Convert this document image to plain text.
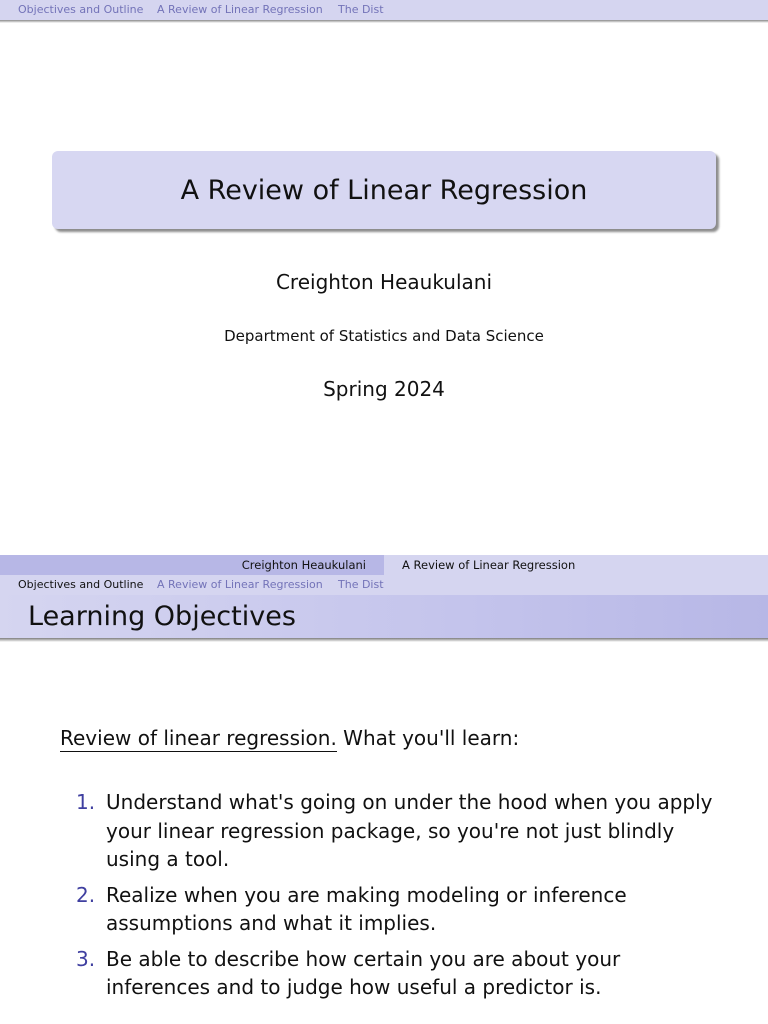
Objectives and Outline A Review of Linear Regression The Dist
A Review of Linear Regression
Creighton Heaukulani
Department of Statistics and Data Science
Spring 2024
Creighton Heaukulani	A Review of Linear Regression
Objectives and Outline A Review of Linear Regression The Dist
Learning Objectives
Review of linear regression. What you'll learn:
1. Understand what's going on under the hood when you apply your linear regression package, so you're not just blindly using a tool.
2. Realize when you are making modeling or inference assumptions and what it implies.
3. Be able to describe how certain you are about your inferences and to judge how useful a predictor is.
